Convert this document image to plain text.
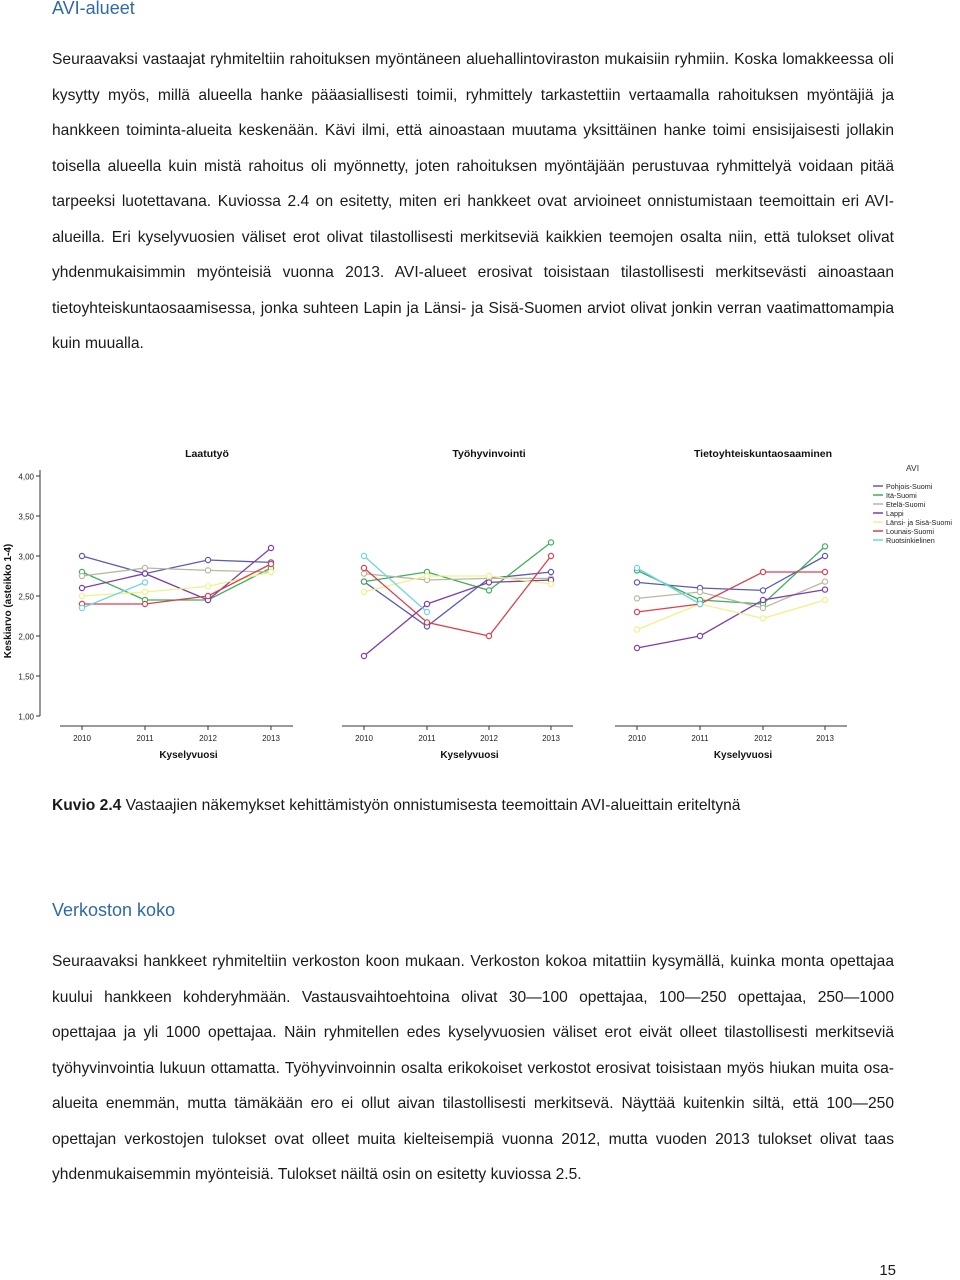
AVI-alueet

Seuraavaksi vastaajat ryhmiteltiin rahoituksen myöntäneen aluehallintoviraston mukaisiin ryhmiin. Koska lomakkeessa oli kysytty myös, millä alueella hanke pääasiallisesti toimii, ryhmittely tarkastettiin vertaamalla rahoituksen myöntäjiä ja hankkeen toiminta-alueita keskenään. Kävi ilmi, että ainoastaan muutama yksittäinen hanke toimi ensisijaisesti jollakin toisella alueella kuin mistä rahoitus oli myönnetty, joten rahoituksen myöntäjään perustuvaa ryhmittelyä voidaan pitää tarpeeksi luotettavana. Kuviossa 2.4 on esitetty, miten eri hankkeet ovat arvioineet onnistumistaan teemoittain eri AVI-alueilla. Eri kyselyvuosien väliset erot olivat tilastollisesti merkitseviä kaikkien teemojen osalta niin, että tulokset olivat yhdenmukaisimmin myönteisiä vuonna 2013. AVI-alueet erosivat toisistaan tilastollisesti merkitsevästi ainoastaan tietoyhteiskuntaosaamisessa, jonka suhteen Lapin ja Länsi- ja Sisä-Suomen arviot olivat jonkin verran vaatimattomampia kuin muualla.

4,00
3,50
3,00
2,50
2,00
1,50
1,00
Keskiarvo (asteikko 1-4)
Laatutyö
2010	2011	2012	2013
Kyselyvuosi
Työhyvinvointi
2010	2011	2012	2013
Kyselyvuosi
Tietoyhteiskuntaosaaminen
2010	2011	2012	2013
Kyselyvuosi
AVI
Pohjois-Suomi
Itä-Suomi
Etelä-Suomi
Lappi
Länsi- ja Sisä-Suomi
Lounais-Suomi
Ruotsinkielinen

Kuvio 2.4 Vastaajien näkemykset kehittämistyön onnistumisesta teemoittain AVI-alueittain eriteltynä

Verkoston koko

Seuraavaksi hankkeet ryhmiteltiin verkoston koon mukaan. Verkoston kokoa mitattiin kysymällä, kuinka monta opettajaa kuului hankkeen kohderyhmään. Vastausvaihtoehtoina olivat 30—100 opettajaa, 100—250 opettajaa, 250—1000 opettajaa ja yli 1000 opettajaa. Näin ryhmitellen edes kyselyvuosien väliset erot eivät olleet tilastollisesti merkitseviä työhyvinvointia lukuun ottamatta. Työhyvinvoinnin osalta erikokoiset verkostot erosivat toisistaan myös hiukan muita osa-alueita enemmän, mutta tämäkään ero ei ollut aivan tilastollisesti merkitsevä. Näyttää kuitenkin siltä, että 100—250 opettajan verkostojen tulokset ovat olleet muita kielteisempiä vuonna 2012, mutta vuoden 2013 tulokset olivat taas yhdenmukaisemmin myönteisiä. Tulokset näiltä osin on esitetty kuviossa 2.5.

15
